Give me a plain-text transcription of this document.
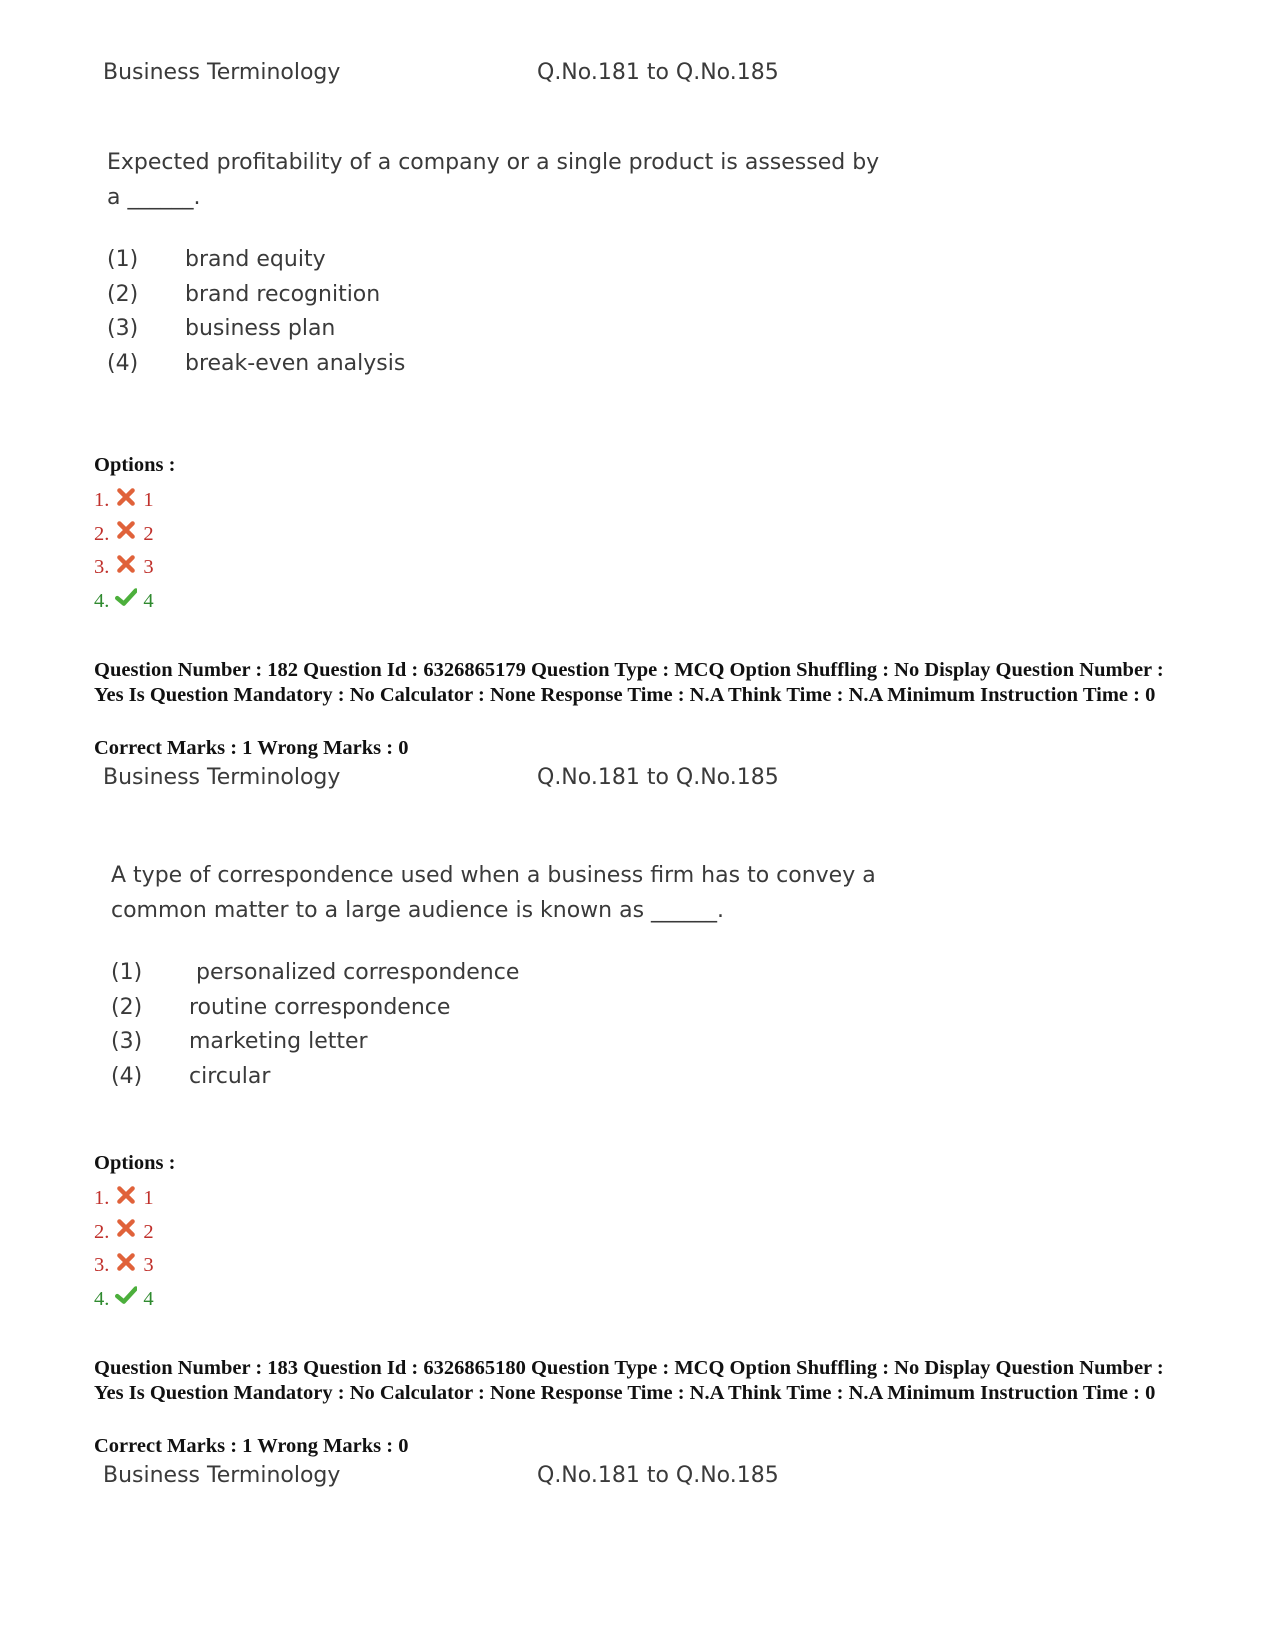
Business Terminology	Q.No.181 to Q.No.185
Expected profitability of a company or a single product is assessed by
a ______.
(1)	brand equity
(2)	brand recognition
(3)	business plan
(4)	break-even analysis
Options :
1. 1
2. 2
3. 3
4. 4
Question Number : 182 Question Id : 6326865179 Question Type : MCQ Option Shuffling : No Display Question Number : Yes Is Question Mandatory : No Calculator : None Response Time : N.A Think Time : N.A Minimum Instruction Time : 0
Correct Marks : 1 Wrong Marks : 0
Business Terminology	Q.No.181 to Q.No.185
A type of correspondence used when a business firm has to convey a
common matter to a large audience is known as ______.
(1)	personalized correspondence
(2)	routine correspondence
(3)	marketing letter
(4)	circular
Options :
1. 1
2. 2
3. 3
4. 4
Question Number : 183 Question Id : 6326865180 Question Type : MCQ Option Shuffling : No Display Question Number : Yes Is Question Mandatory : No Calculator : None Response Time : N.A Think Time : N.A Minimum Instruction Time : 0
Correct Marks : 1 Wrong Marks : 0
Business Terminology	Q.No.181 to Q.No.185
